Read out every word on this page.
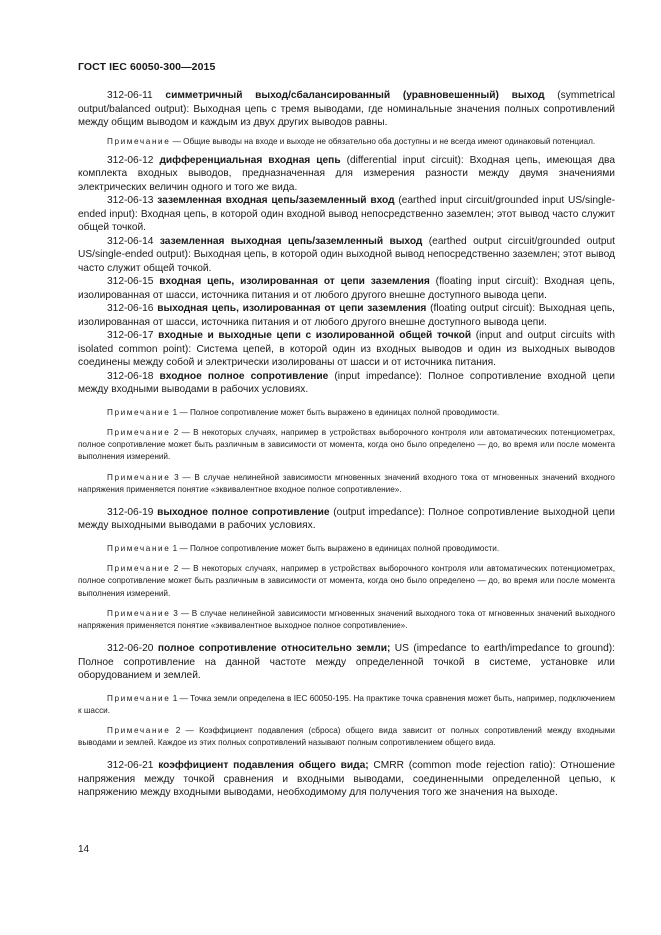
ГОСТ IEC 60050-300—2015

312-06-11 симметричный выход/сбалансированный (уравновешенный) выход (symmetrical output/balanced output): Выходная цепь с тремя выводами, где номинальные значения полных сопротивлений между общим выводом и каждым из двух других выводов равны.

Примечание — Общие выводы на входе и выходе не обязательно оба доступны и не всегда имеют одинаковый потенциал.

312-06-12 дифференциальная входная цепь (differential input circuit): Входная цепь, имеющая два комплекта входных выводов, предназначенная для измерения разности между двумя значениями электрических величин одного и того же вида.

312-06-13 заземленная входная цепь/заземленный вход (earthed input circuit/grounded input US/single-ended input): Входная цепь, в которой один входной вывод непосредственно заземлен; этот вывод часто служит общей точкой.

312-06-14 заземленная выходная цепь/заземленный выход (earthed output circuit/grounded output US/single-ended output): Выходная цепь, в которой один выходной вывод непосредственно заземлен; этот вывод часто служит общей точкой.

312-06-15 входная цепь, изолированная от цепи заземления (floating input circuit): Входная цепь, изолированная от шасси, источника питания и от любого другого внешне доступного вывода цепи.

312-06-16 выходная цепь, изолированная от цепи заземления (floating output circuit): Выходная цепь, изолированная от шасси, источника питания и от любого другого внешне доступного вывода цепи.

312-06-17 входные и выходные цепи с изолированной общей точкой (input and output circuits with isolated common point): Система цепей, в которой один из входных выводов и один из выходных выводов соединены между собой и электрически изолированы от шасси и от источника питания.

312-06-18 входное полное сопротивление (input impedance): Полное сопротивление входной цепи между входными выводами в рабочих условиях.

Примечание 1 — Полное сопротивление может быть выражено в единицах полной проводимости.

Примечание 2 — В некоторых случаях, например в устройствах выборочного контроля или автоматических потенциометрах, полное сопротивление может быть различным в зависимости от момента, когда оно было определено — до, во время или после момента выполнения измерений.

Примечание 3 — В случае нелинейной зависимости мгновенных значений входного тока от мгновенных значений входного напряжения применяется понятие «эквивалентное входное полное сопротивление».

312-06-19 выходное полное сопротивление (output impedance): Полное сопротивление выходной цепи между выходными выводами в рабочих условиях.

Примечание 1 — Полное сопротивление может быть выражено в единицах полной проводимости.

Примечание 2 — В некоторых случаях, например в устройствах выборочного контроля или автоматических потенциометрах, полное сопротивление может быть различным в зависимости от момента, когда оно было определено — до, во время или после момента выполнения измерений.

Примечание 3 — В случае нелинейной зависимости мгновенных значений выходного тока от мгновенных значений выходного напряжения применяется понятие «эквивалентное выходное полное сопротивление».

312-06-20 полное сопротивление относительно земли; US (impedance to earth/impedance to ground): Полное сопротивление на данной частоте между определенной точкой в системе, установке или оборудованием и землей.

Примечание 1 — Точка земли определена в IEC 60050-195. На практике точка сравнения может быть, например, подключением к шасси.

Примечание 2 — Коэффициент подавления (сброса) общего вида зависит от полных сопротивлений между входными выводами и землей. Каждое из этих полных сопротивлений называют полным сопротивлением общего вида.

312-06-21 коэффициент подавления общего вида; CMRR (common mode rejection ratio): Отношение напряжения между точкой сравнения и входными выводами, соединенными определенной цепью, к напряжению между входными выводами, необходимому для получения того же значения на выходе.

14
